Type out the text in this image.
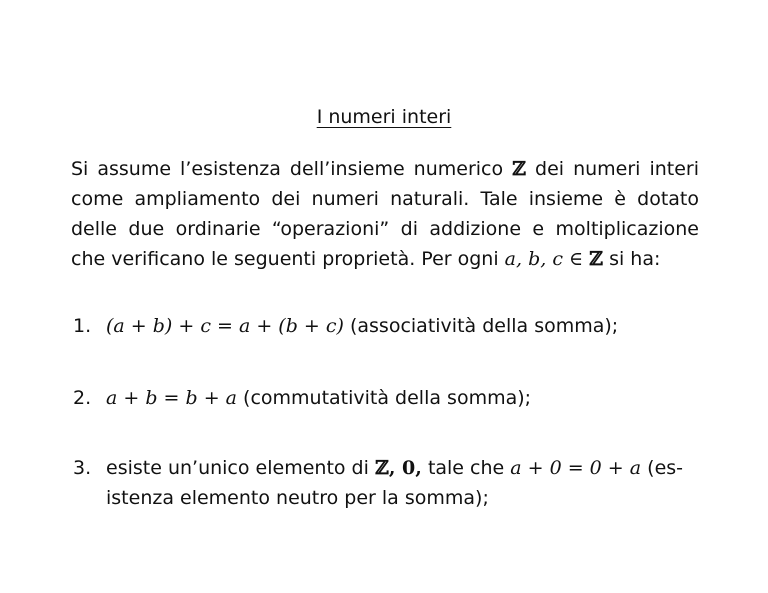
I numeri interi
Si assume l’esistenza dell’insieme numerico ℤ dei numeri interi
come ampliamento dei numeri naturali. Tale insieme è dotato
delle due ordinarie “operazioni” di addizione e moltiplicazione
che verificano le seguenti proprietà. Per ogni a, b, c ∈ ℤ si ha:
1. (a + b) + c = a + (b + c) (associatività della somma);
2. a + b = b + a (commutatività della somma);
3. esiste un’unico elemento di ℤ, 0, tale che a + 0 = 0 + a (es-
istenza elemento neutro per la somma);
